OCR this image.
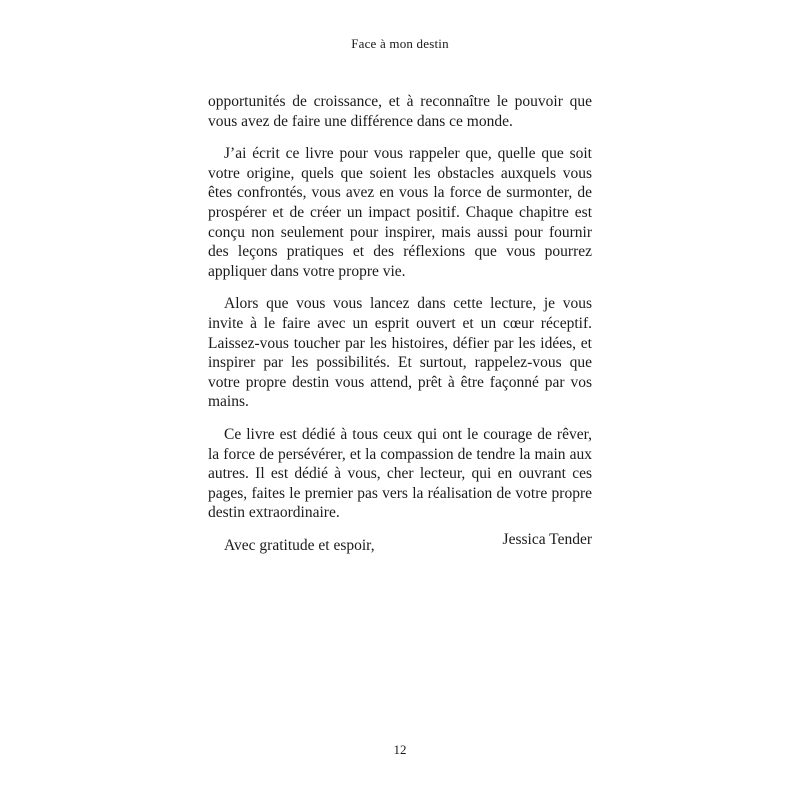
Face à mon destin

opportunités de croissance, et à reconnaître le pouvoir que vous avez de faire une différence dans ce monde.

J’ai écrit ce livre pour vous rappeler que, quelle que soit votre origine, quels que soient les obstacles auxquels vous êtes confrontés, vous avez en vous la force de surmonter, de prospérer et de créer un impact positif. Chaque chapitre est conçu non seulement pour inspirer, mais aussi pour fournir des leçons pratiques et des réflexions que vous pourrez appliquer dans votre propre vie.

Alors que vous vous lancez dans cette lecture, je vous invite à le faire avec un esprit ouvert et un cœur réceptif. Laissez-vous toucher par les histoires, défier par les idées, et inspirer par les possibilités. Et surtout, rappelez-vous que votre propre destin vous attend, prêt à être façonné par vos mains.

Ce livre est dédié à tous ceux qui ont le courage de rêver, la force de persévérer, et la compassion de tendre la main aux autres. Il est dédié à vous, cher lecteur, qui en ouvrant ces pages, faites le premier pas vers la réalisation de votre propre destin extraordinaire.

Avec gratitude et espoir,	Jessica Tender
12
